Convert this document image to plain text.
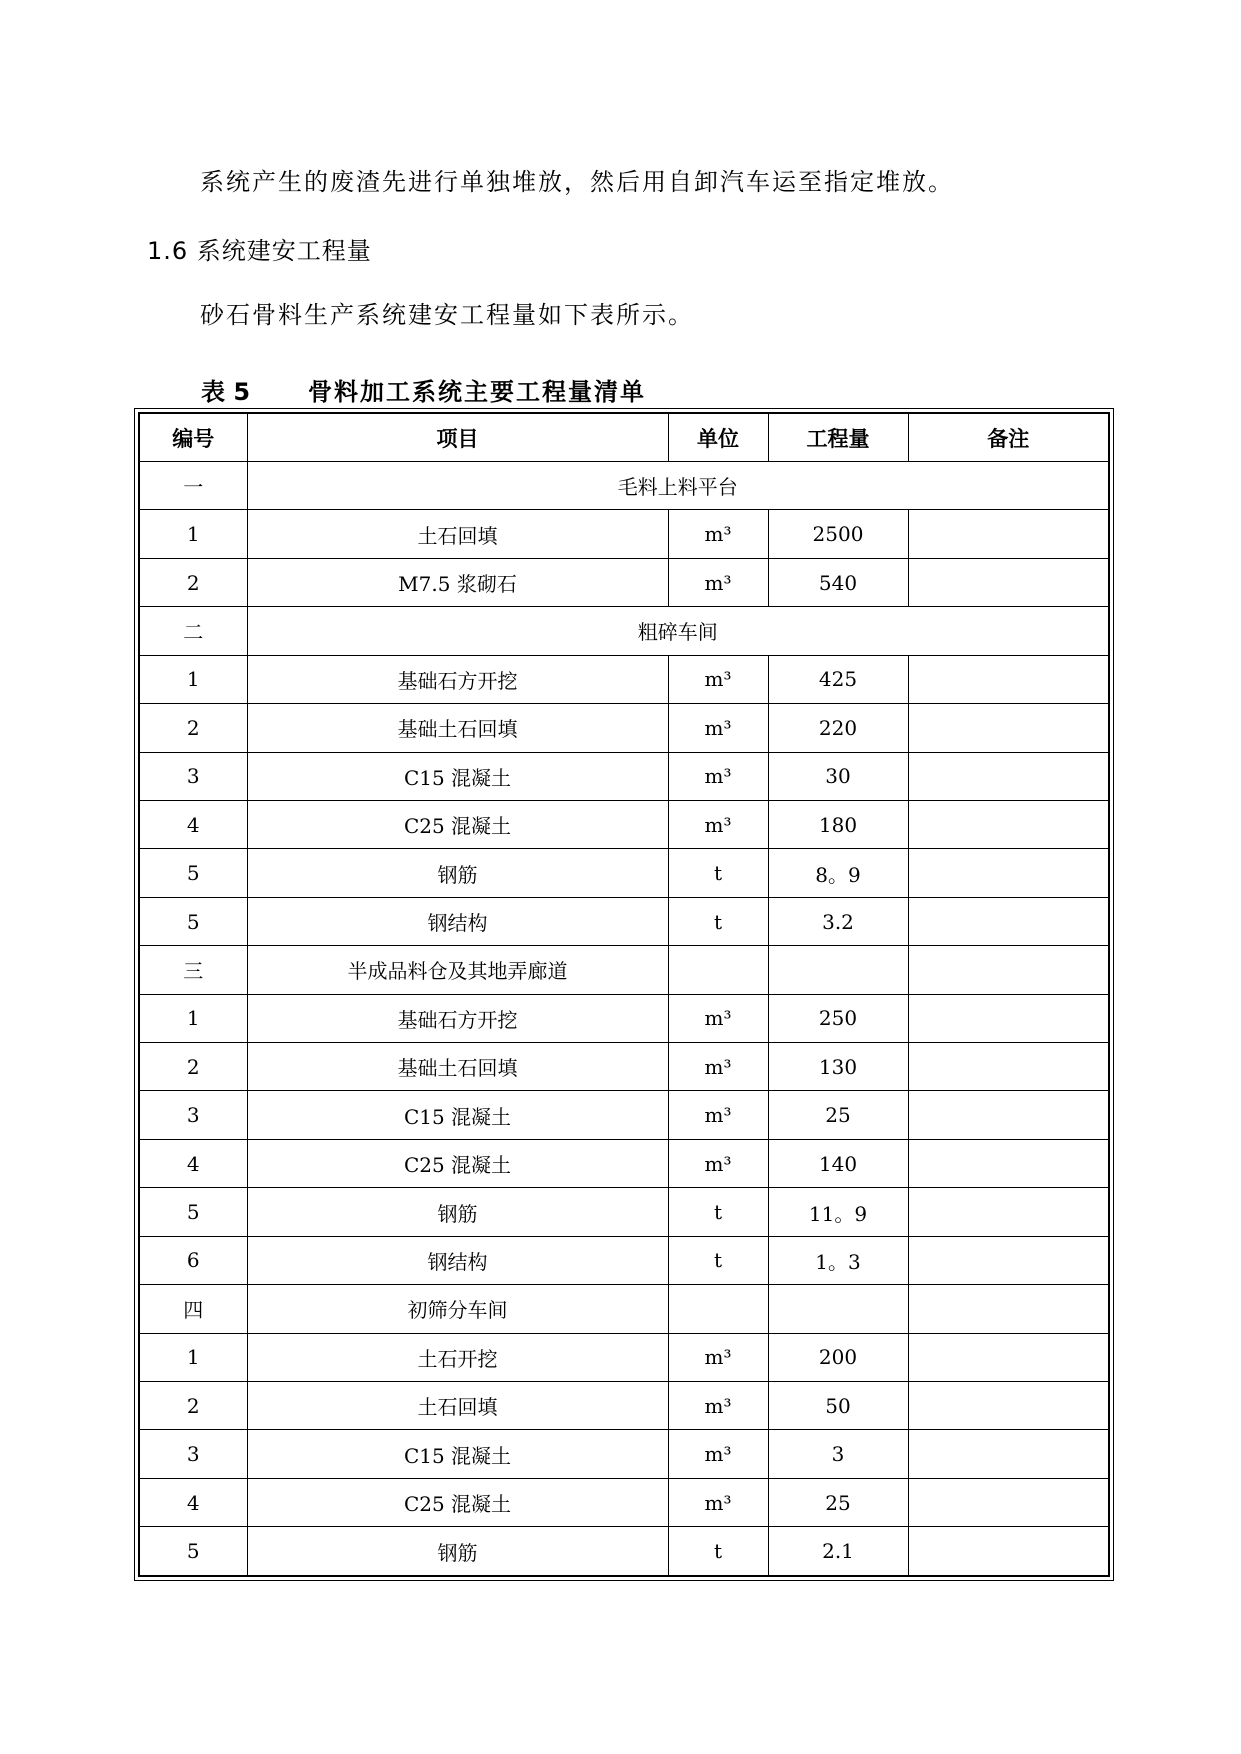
系统产生的废渣先进行单独堆放，然后用自卸汽车运至指定堆放。
1.6 系统建安工程量
砂石骨料生产系统建安工程量如下表所示。
表 5 骨料加工系统主要工程量清单
编号	项目	单位	工程量	备注
一	毛料上料平台			
1	土石回填	m³	2500	
2	M7.5 浆砌石	m³	540	
二	粗碎车间			
1	基础石方开挖	m³	425	
2	基础土石回填	m³	220	
3	C15 混凝土	m³	30	
4	C25 混凝土	m³	180	
5	钢筋	t	8。9	
5	钢结构	t	3.2	
三	半成品料仓及其地弄廊道			
1	基础石方开挖	m³	250	
2	基础土石回填	m³	130	
3	C15 混凝土	m³	25	
4	C25 混凝土	m³	140	
5	钢筋	t	11。9	
6	钢结构	t	1。3	
四	初筛分车间			
1	土石开挖	m³	200	
2	土石回填	m³	50	
3	C15 混凝土	m³	3	
4	C25 混凝土	m³	25	
5	钢筋	t	2.1	
